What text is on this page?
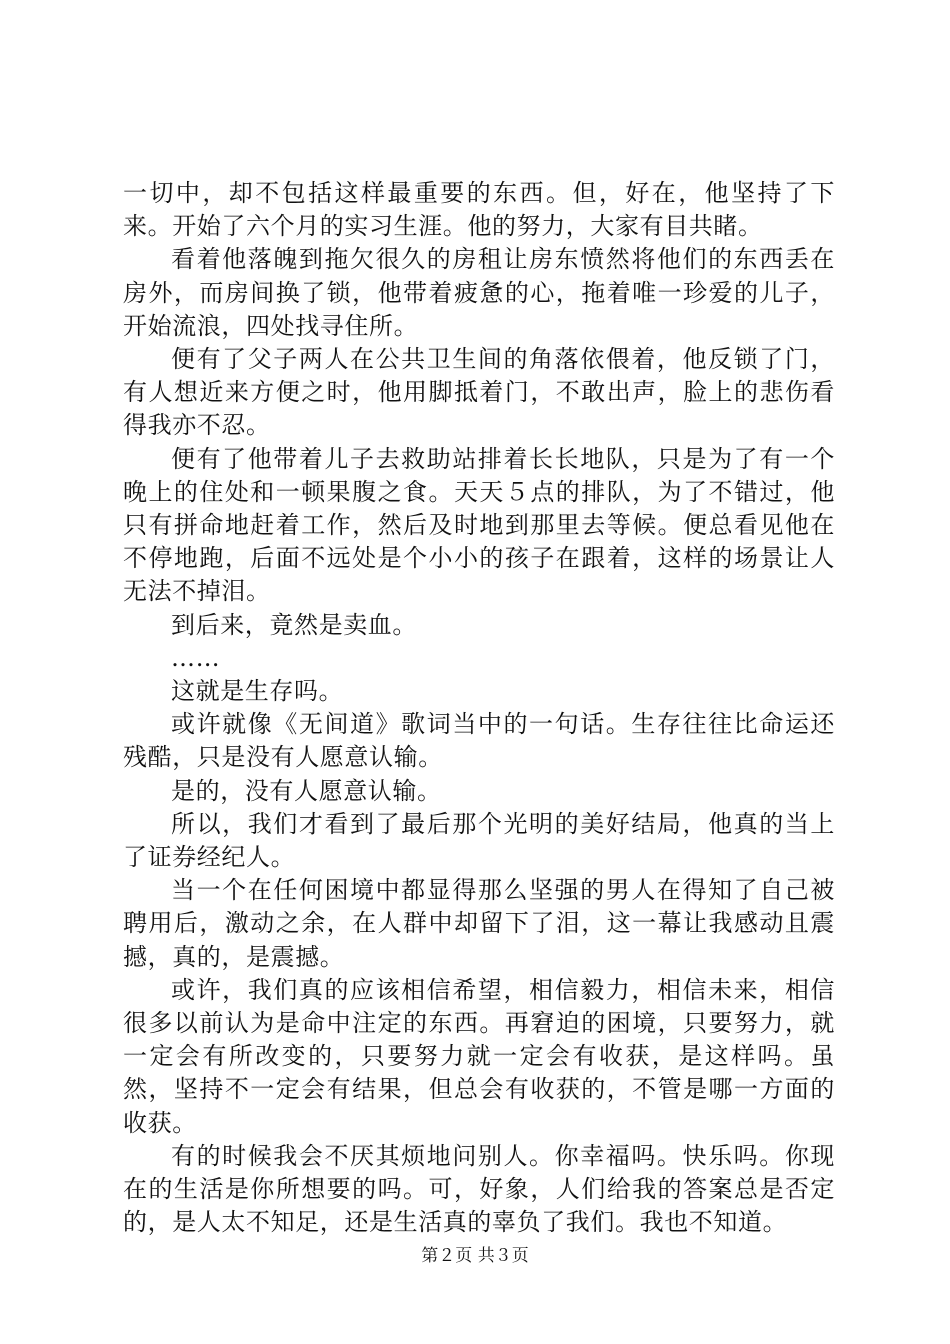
一切中，却不包括这样最重要的东西。但，好在，他坚持了下来。开始了六个月的实习生涯。他的努力，大家有目共睹。

看着他落魄到拖欠很久的房租让房东愤然将他们的东西丢在房外，而房间换了锁，他带着疲惫的心，拖着唯一珍爱的儿子，开始流浪，四处找寻住所。

便有了父子两人在公共卫生间的角落依偎着，他反锁了门，有人想近来方便之时，他用脚抵着门，不敢出声，脸上的悲伤看得我亦不忍。

便有了他带着儿子去救助站排着长长地队，只是为了有一个晚上的住处和一顿果腹之食。天天５点的排队，为了不错过，他只有拼命地赶着工作，然后及时地到那里去等候。便总看见他在不停地跑，后面不远处是个小小的孩子在跟着，这样的场景让人无法不掉泪。

到后来，竟然是卖血。

……

这就是生存吗。

或许就像《无间道》歌词当中的一句话。生存往往比命运还残酷，只是没有人愿意认输。

是的，没有人愿意认输。

所以，我们才看到了最后那个光明的美好结局，他真的当上了证券经纪人。

当一个在任何困境中都显得那么坚强的男人在得知了自己被聘用后，激动之余，在人群中却留下了泪，这一幕让我感动且震撼，真的，是震撼。

或许，我们真的应该相信希望，相信毅力，相信未来，相信很多以前认为是命中注定的东西。再窘迫的困境，只要努力，就一定会有所改变的，只要努力就一定会有收获，是这样吗。虽然，坚持不一定会有结果，但总会有收获的，不管是哪一方面的收获。

有的时候我会不厌其烦地问别人。你幸福吗。快乐吗。你现在的生活是你所想要的吗。可，好象，人们给我的答案总是否定的，是人太不知足，还是生活真的辜负了我们。我也不知道。

第２页 共３页
